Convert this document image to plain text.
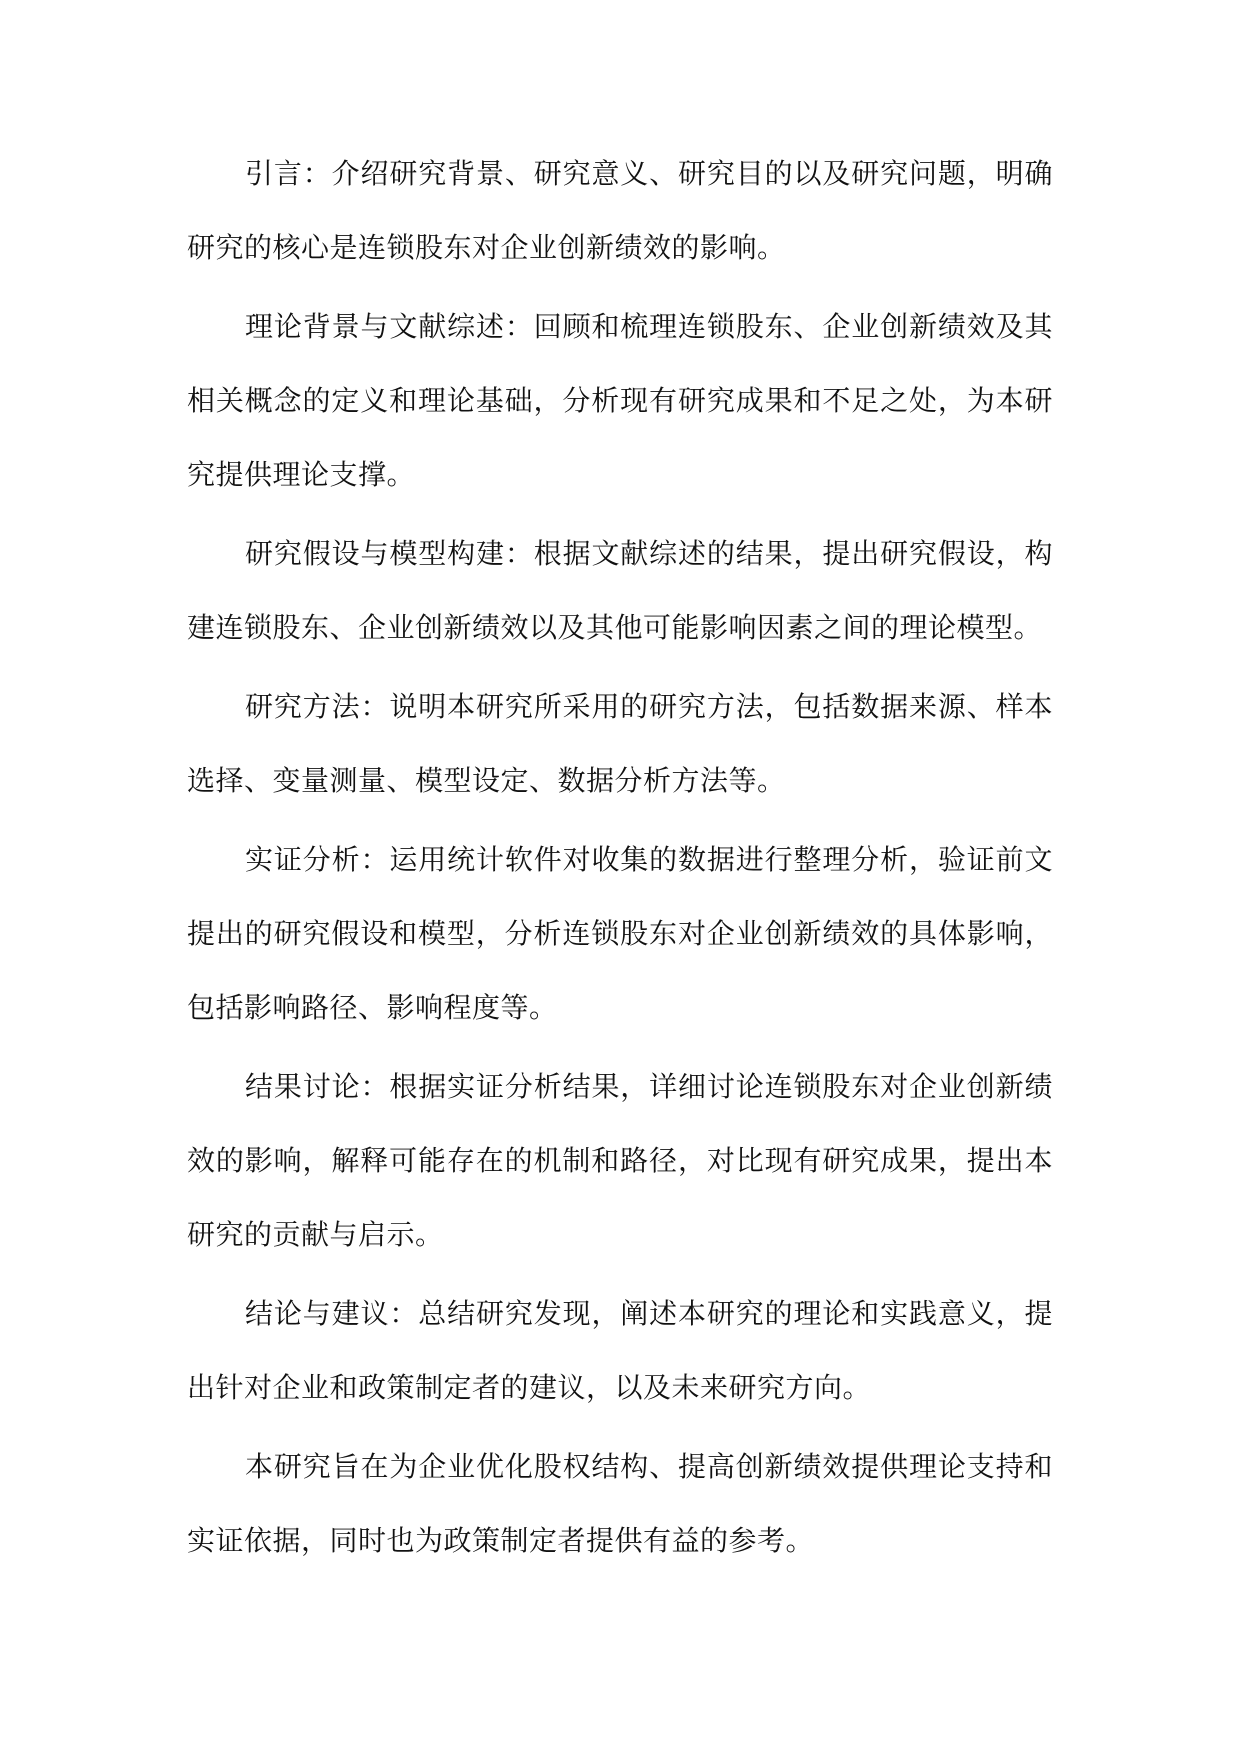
引言：介绍研究背景、研究意义、研究目的以及研究问题，明确研究的核心是连锁股东对企业创新绩效的影响。

理论背景与文献综述：回顾和梳理连锁股东、企业创新绩效及其相关概念的定义和理论基础，分析现有研究成果和不足之处，为本研究提供理论支撑。

研究假设与模型构建：根据文献综述的结果，提出研究假设，构建连锁股东、企业创新绩效以及其他可能影响因素之间的理论模型。

研究方法：说明本研究所采用的研究方法，包括数据来源、样本选择、变量测量、模型设定、数据分析方法等。

实证分析：运用统计软件对收集的数据进行整理分析，验证前文提出的研究假设和模型，分析连锁股东对企业创新绩效的具体影响，包括影响路径、影响程度等。

结果讨论：根据实证分析结果，详细讨论连锁股东对企业创新绩效的影响，解释可能存在的机制和路径，对比现有研究成果，提出本研究的贡献与启示。

结论与建议：总结研究发现，阐述本研究的理论和实践意义，提出针对企业和政策制定者的建议，以及未来研究方向。

本研究旨在为企业优化股权结构、提高创新绩效提供理论支持和实证依据，同时也为政策制定者提供有益的参考。
